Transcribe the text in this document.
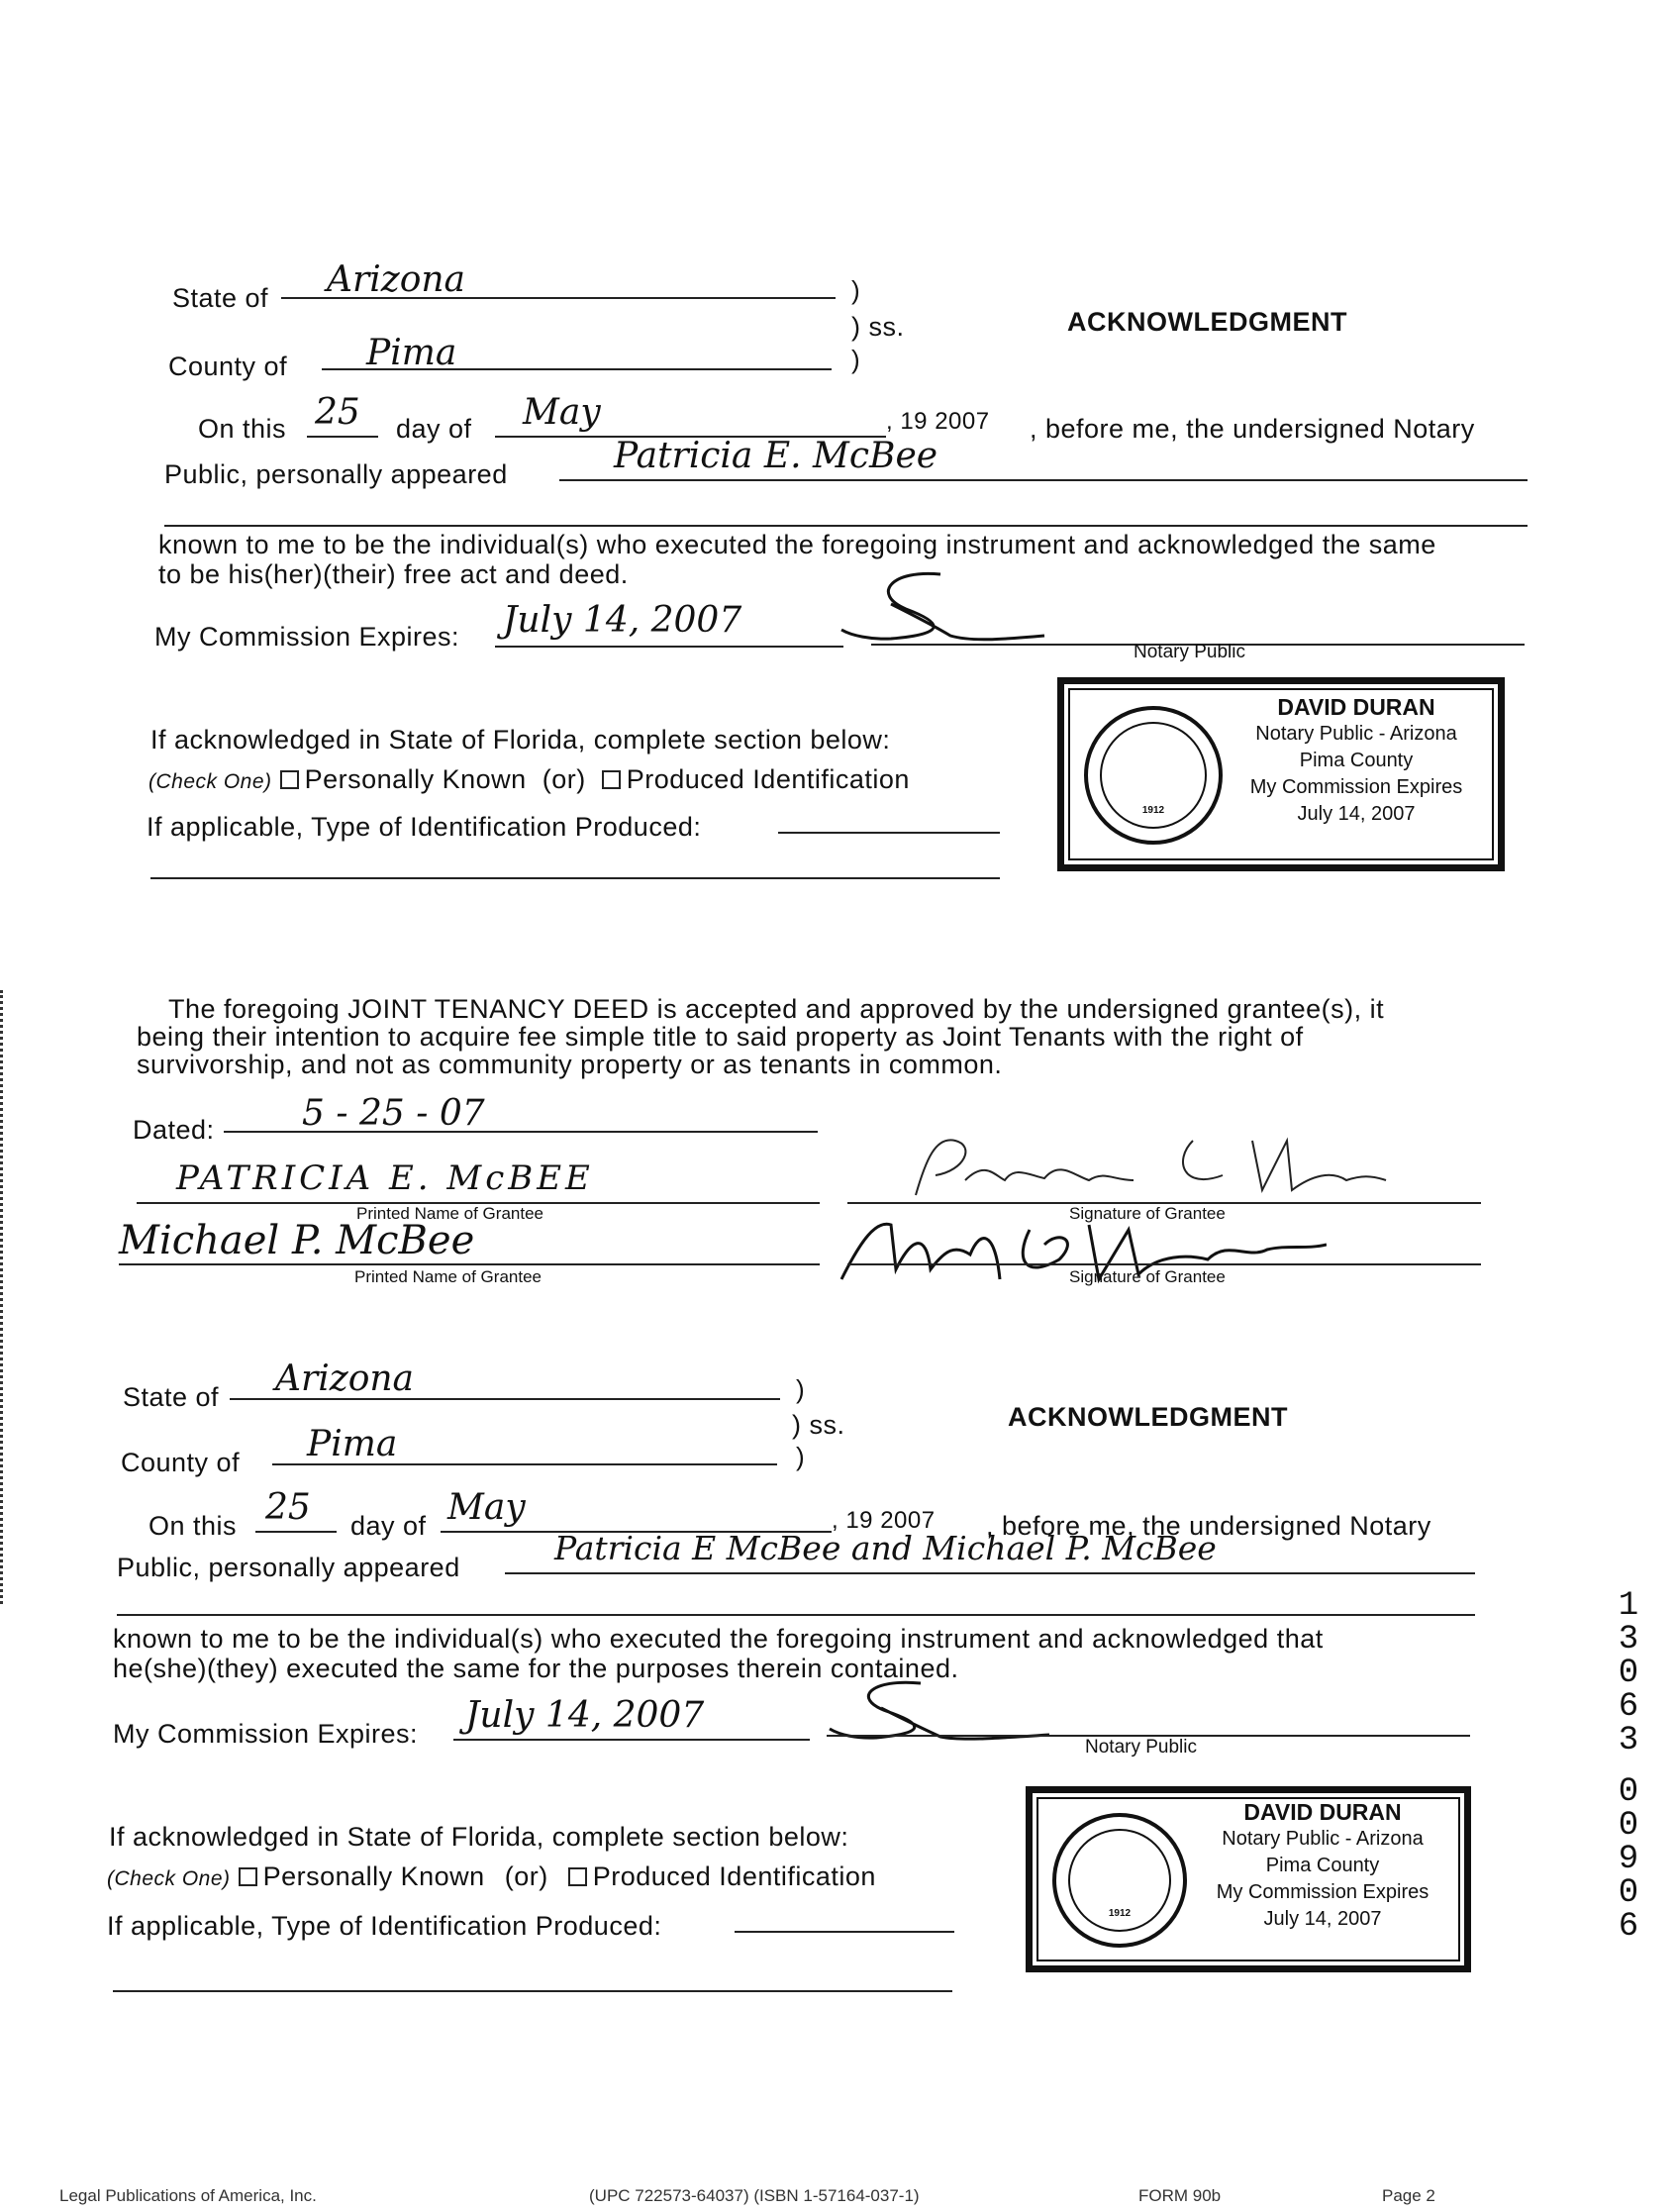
State of Arizona	)
) ss.	ACKNOWLEDGMENT
County of Pima	)
On this 25 day of May	, 19 2007 , before me, the undersigned Notary
Public, personally appeared	Patricia E. McBee
known to me to be the individual(s) who executed the foregoing instrument and acknowledged the same
to be his(her)(their) free act and deed.
My Commission Expires: July 14, 2007
Notary Public
If acknowledged in State of Florida, complete section below:
(Check One) Personally Known (or) Produced Identification
If applicable, Type of Identification Produced:
1912
DAVID DURAN
Notary Public - Arizona
Pima County
My Commission Expires
July 14, 2007
The foregoing JOINT TENANCY DEED is accepted and approved by the undersigned grantee(s), it
being their intention to acquire fee simple title to said property as Joint Tenants with the right of
survivorship, and not as community property or as tenants in common.
Dated: 5 - 25 - 07
PATRICIA E. McBEE
Printed Name of Grantee	Signature of Grantee
Michael P. McBee
Printed Name of Grantee	Signature of Grantee
State of Arizona	)
) ss.	ACKNOWLEDGMENT
County of Pima	)
On this 25 day of May	, 19 2007 , before me, the undersigned Notary
Public, personally appeared	Patricia E McBee and Michael P. McBee
known to me to be the individual(s) who executed the foregoing instrument and acknowledged that
he(she)(they) executed the same for the purposes therein contained.
My Commission Expires: July 14, 2007
Notary Public
If acknowledged in State of Florida, complete section below:
(Check One) Personally Known (or) Produced Identification
If applicable, Type of Identification Produced:	1912
DAVID DURAN
Notary Public - Arizona
Pima County
My Commission Expires
July 14, 2007
1
3
0
6
3
0
0
9
0
6
Legal Publications of America, Inc.	(UPC 722573-64037) (ISBN 1-57164-037-1)	FORM 90b	Page 2
